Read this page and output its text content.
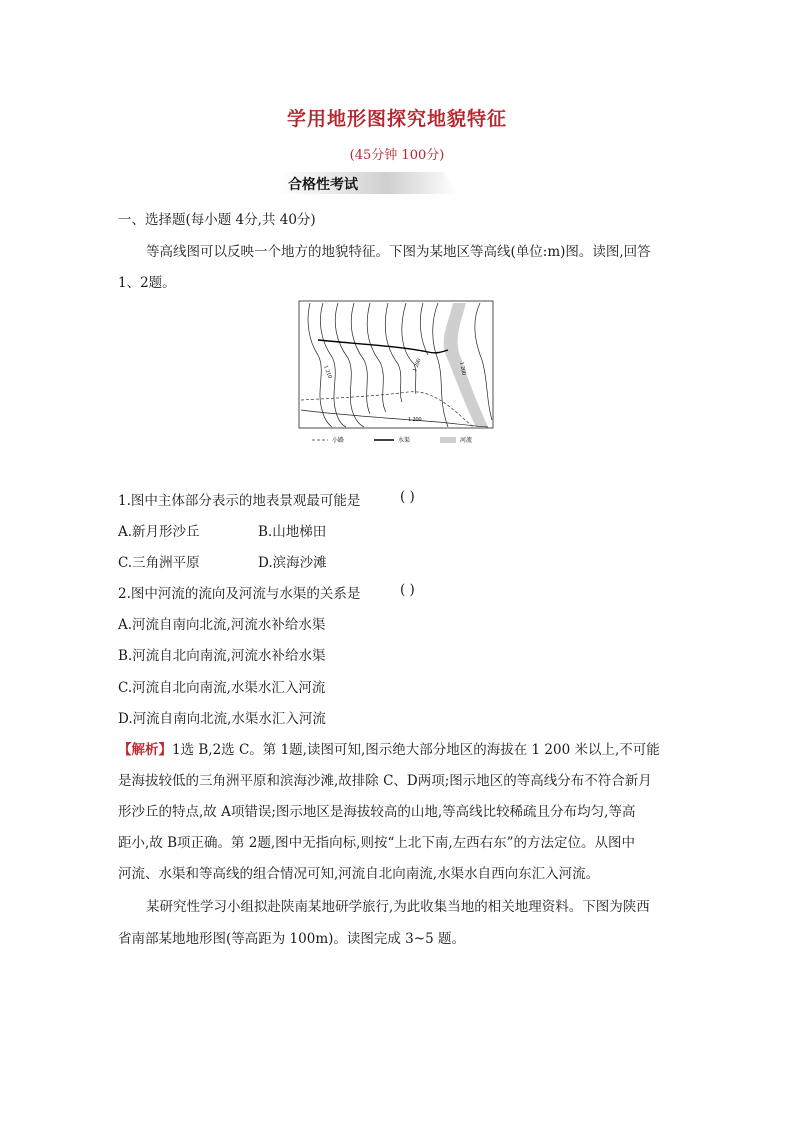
学用地形图探究地貌特征
(45分钟 100分)
合格性考试
一、选择题(每小题 4分,共 40分)
等高线图可以反映一个地方的地貌特征。下图为某地区等高线(单位:m)图。读图,回答
1、2题。
1 210	1 200	1 200
1 200
小路	水渠	河流
1.图中主体部分表示的地表景观最可能是	( )
A.新月形沙丘	B.山地梯田
C.三角洲平原	D.滨海沙滩
2.图中河流的流向及河流与水渠的关系是	( )
A.河流自南向北流,河流水补给水渠
B.河流自北向南流,河流水补给水渠
C.河流自北向南流,水渠水汇入河流
D.河流自南向北流,水渠水汇入河流
【解析】1选 B,2选 C。第 1题,读图可知,图示绝大部分地区的海拔在 1 200 米以上,不可能
是海拔较低的三角洲平原和滨海沙滩,故排除 C、D两项;图示地区的等高线分布不符合新月
形沙丘的特点,故 A项错误;图示地区是海拔较高的山地,等高线比较稀疏且分布均匀,等高
距小,故 B项正确。第 2题,图中无指向标,则按“上北下南,左西右东”的方法定位。从图中
河流、水渠和等高线的组合情况可知,河流自北向南流,水渠水自西向东汇入河流。
某研究性学习小组拟赴陕南某地研学旅行,为此收集当地的相关地理资料。下图为陕西
省南部某地地形图(等高距为 100m)。读图完成 3~5 题。
